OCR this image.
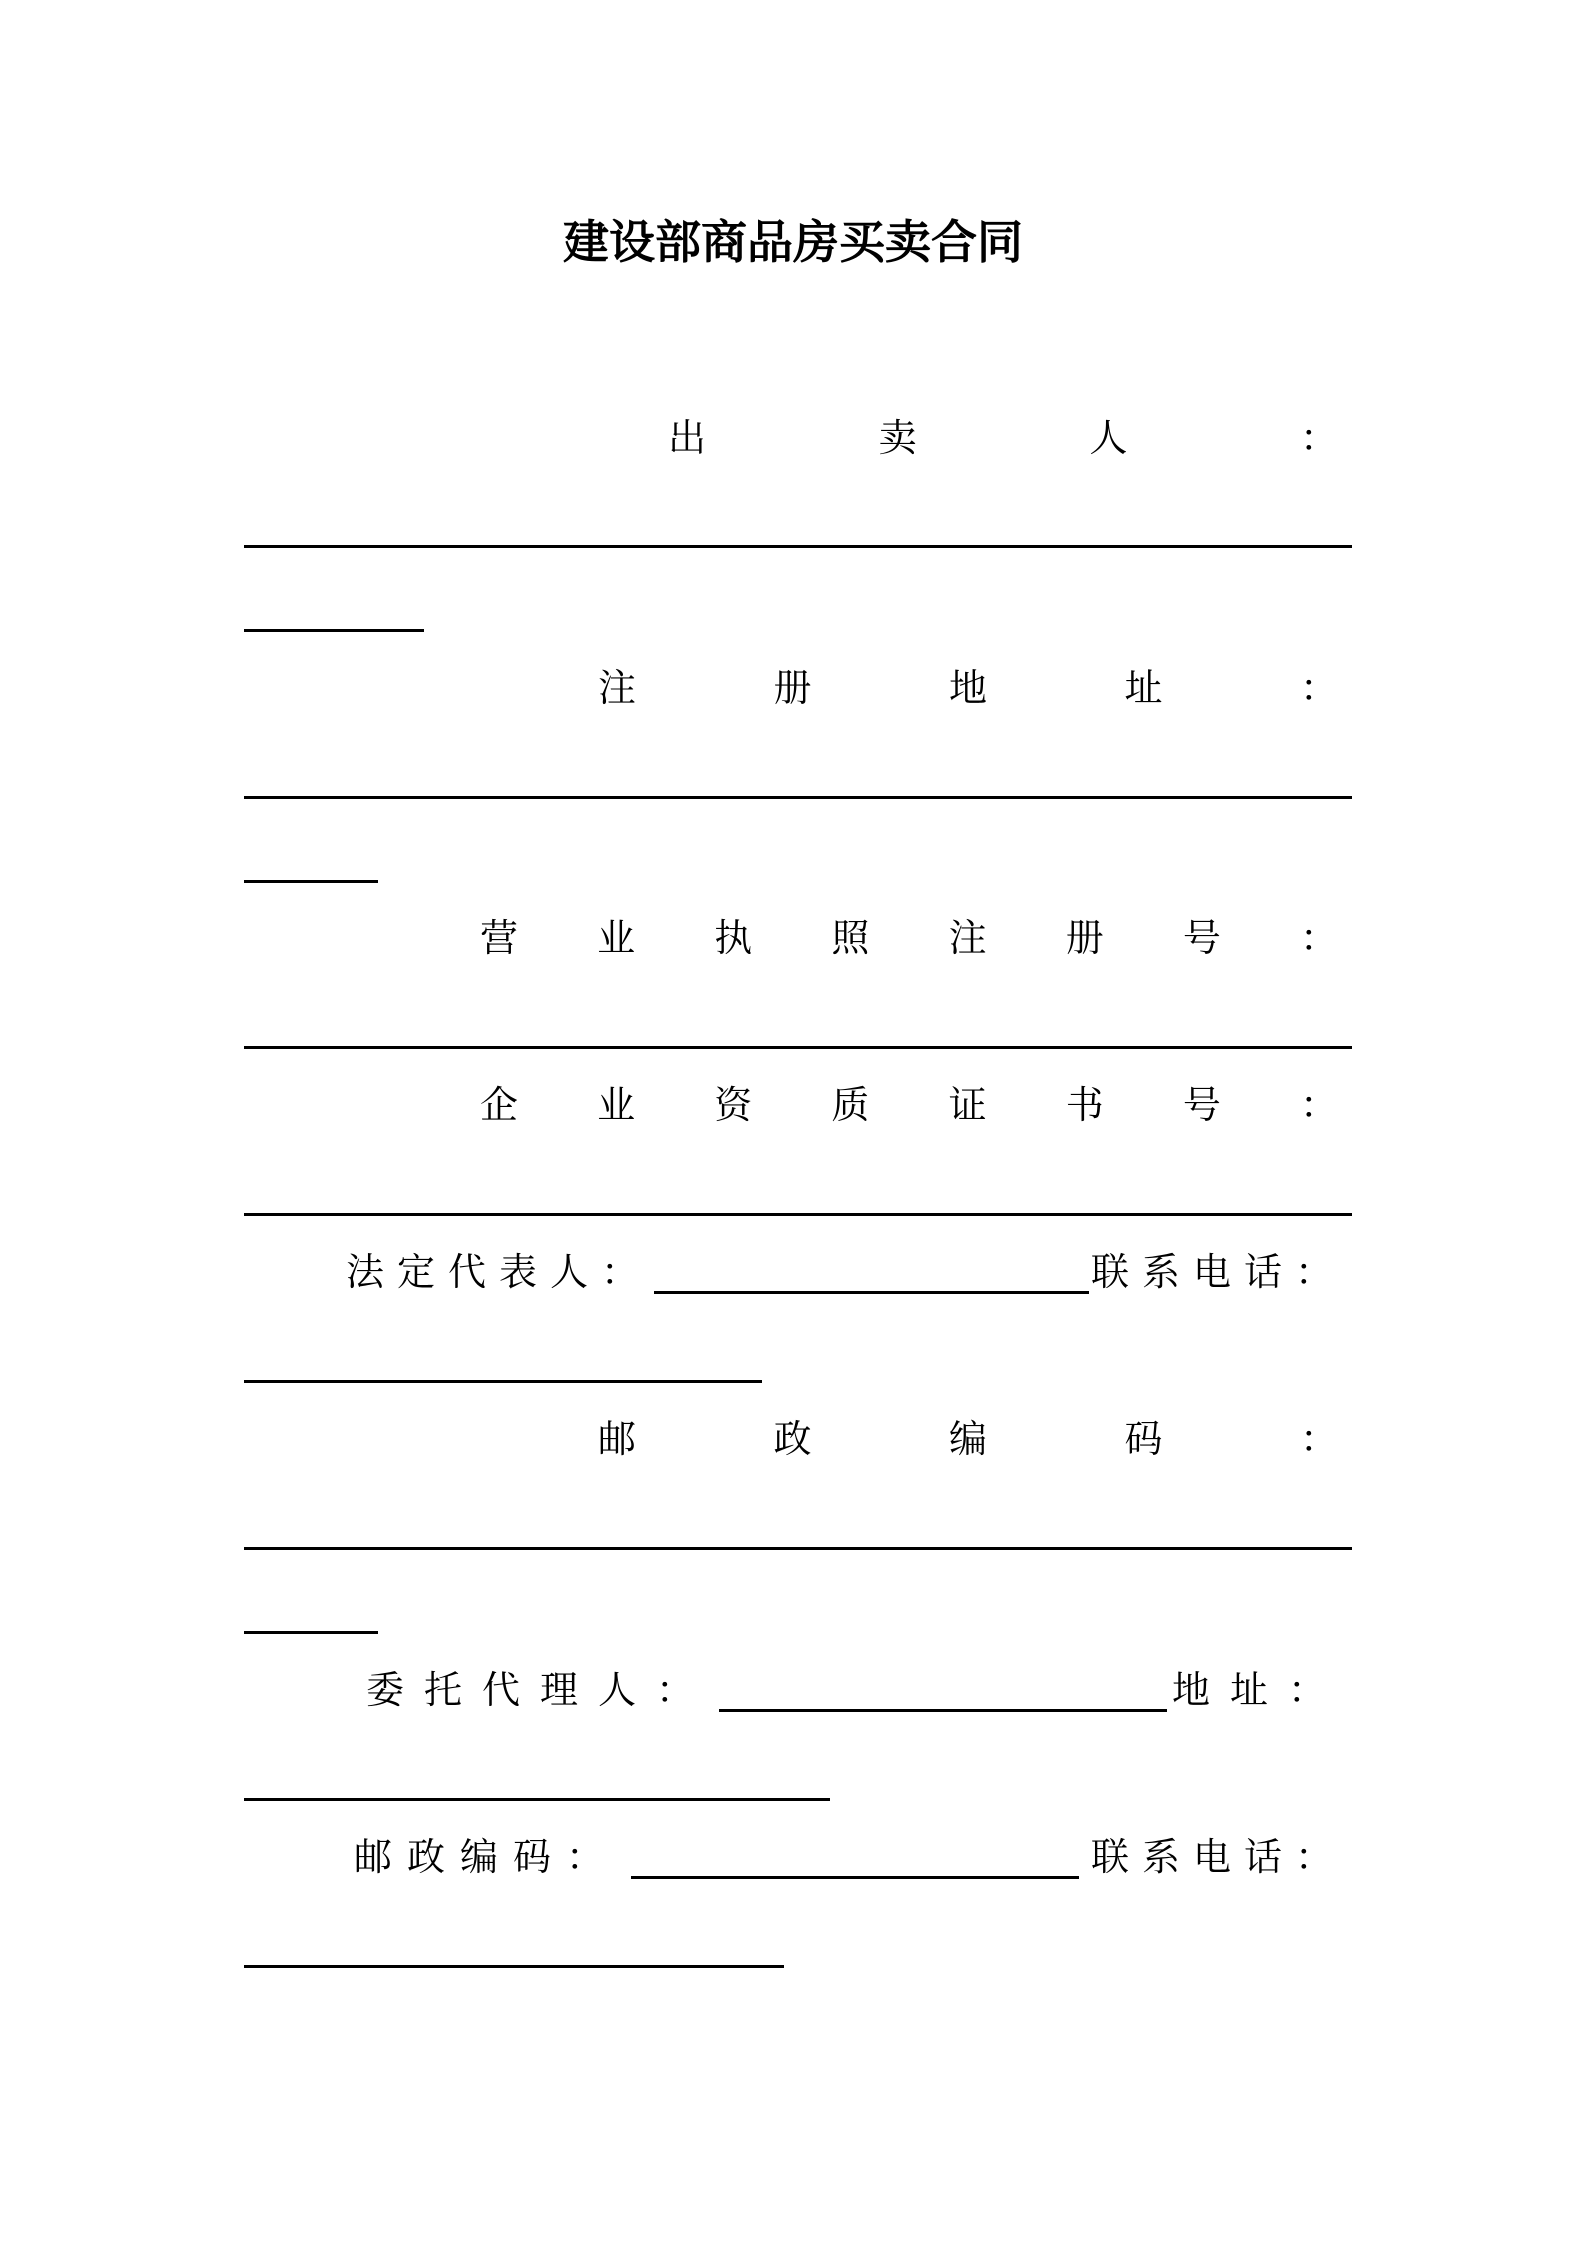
建设部商品房买卖合同
出	卖	人	：
注	册	地	址	：
营 业 执 照 注 册 号 ：
企 业 资 质 证 书 号 ：
法定代表人：	联系电话：
邮	政	编	码	：
委托代理人：	地址：
邮政编码：	联系电话：
